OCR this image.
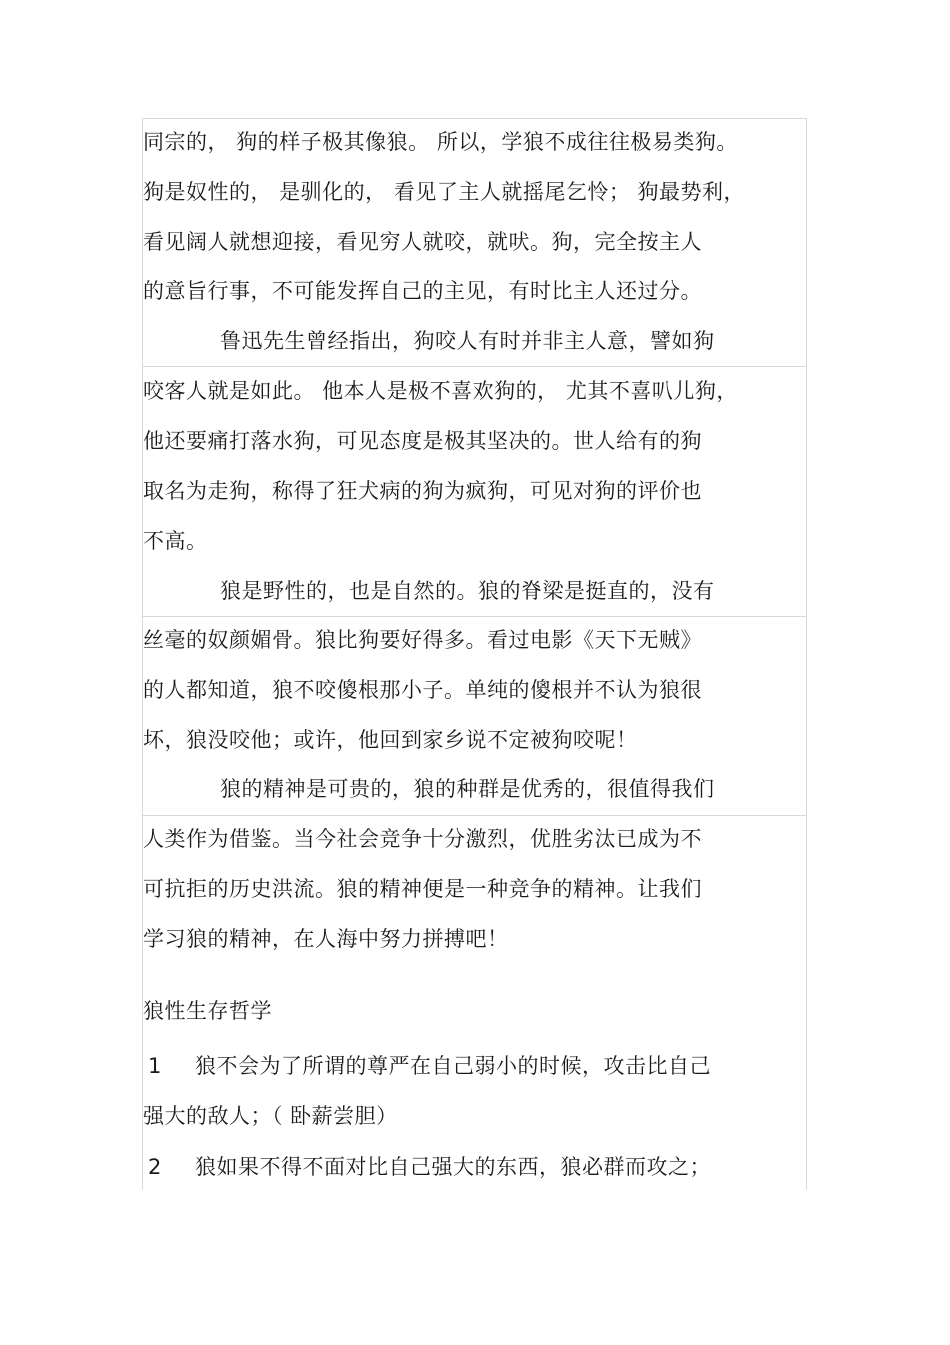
同宗的， 狗的样子极其像狼。 所以，学狼不成往往极易类狗。
狗是奴性的， 是驯化的， 看见了主人就摇尾乞怜； 狗最势利，
看见阔人就想迎接，看见穷人就咬，就吠。狗，完全按主人
的意旨行事，不可能发挥自己的主见，有时比主人还过分。
鲁迅先生曾经指出，狗咬人有时并非主人意，譬如狗
咬客人就是如此。 他本人是极不喜欢狗的， 尤其不喜叭儿狗，
他还要痛打落水狗，可见态度是极其坚决的。世人给有的狗
取名为走狗，称得了狂犬病的狗为疯狗，可见对狗的评价也
不高。
狼是野性的，也是自然的。狼的脊梁是挺直的，没有
丝毫的奴颜媚骨。狼比狗要好得多。看过电影《天下无贼》
的人都知道，狼不咬傻根那小子。单纯的傻根并不认为狼很
坏，狼没咬他；或许，他回到家乡说不定被狗咬呢！
狼的精神是可贵的，狼的种群是优秀的，很值得我们
人类作为借鉴。当今社会竞争十分激烈，优胜劣汰已成为不
可抗拒的历史洪流。狼的精神便是一种竞争的精神。让我们
学习狼的精神，在人海中努力拼搏吧！
狼性生存哲学
1 狼不会为了所谓的尊严在自己弱小的时候，攻击比自己
强大的敌人；（ 卧薪尝胆）
2 狼如果不得不面对比自己强大的东西，狼必群而攻之；
